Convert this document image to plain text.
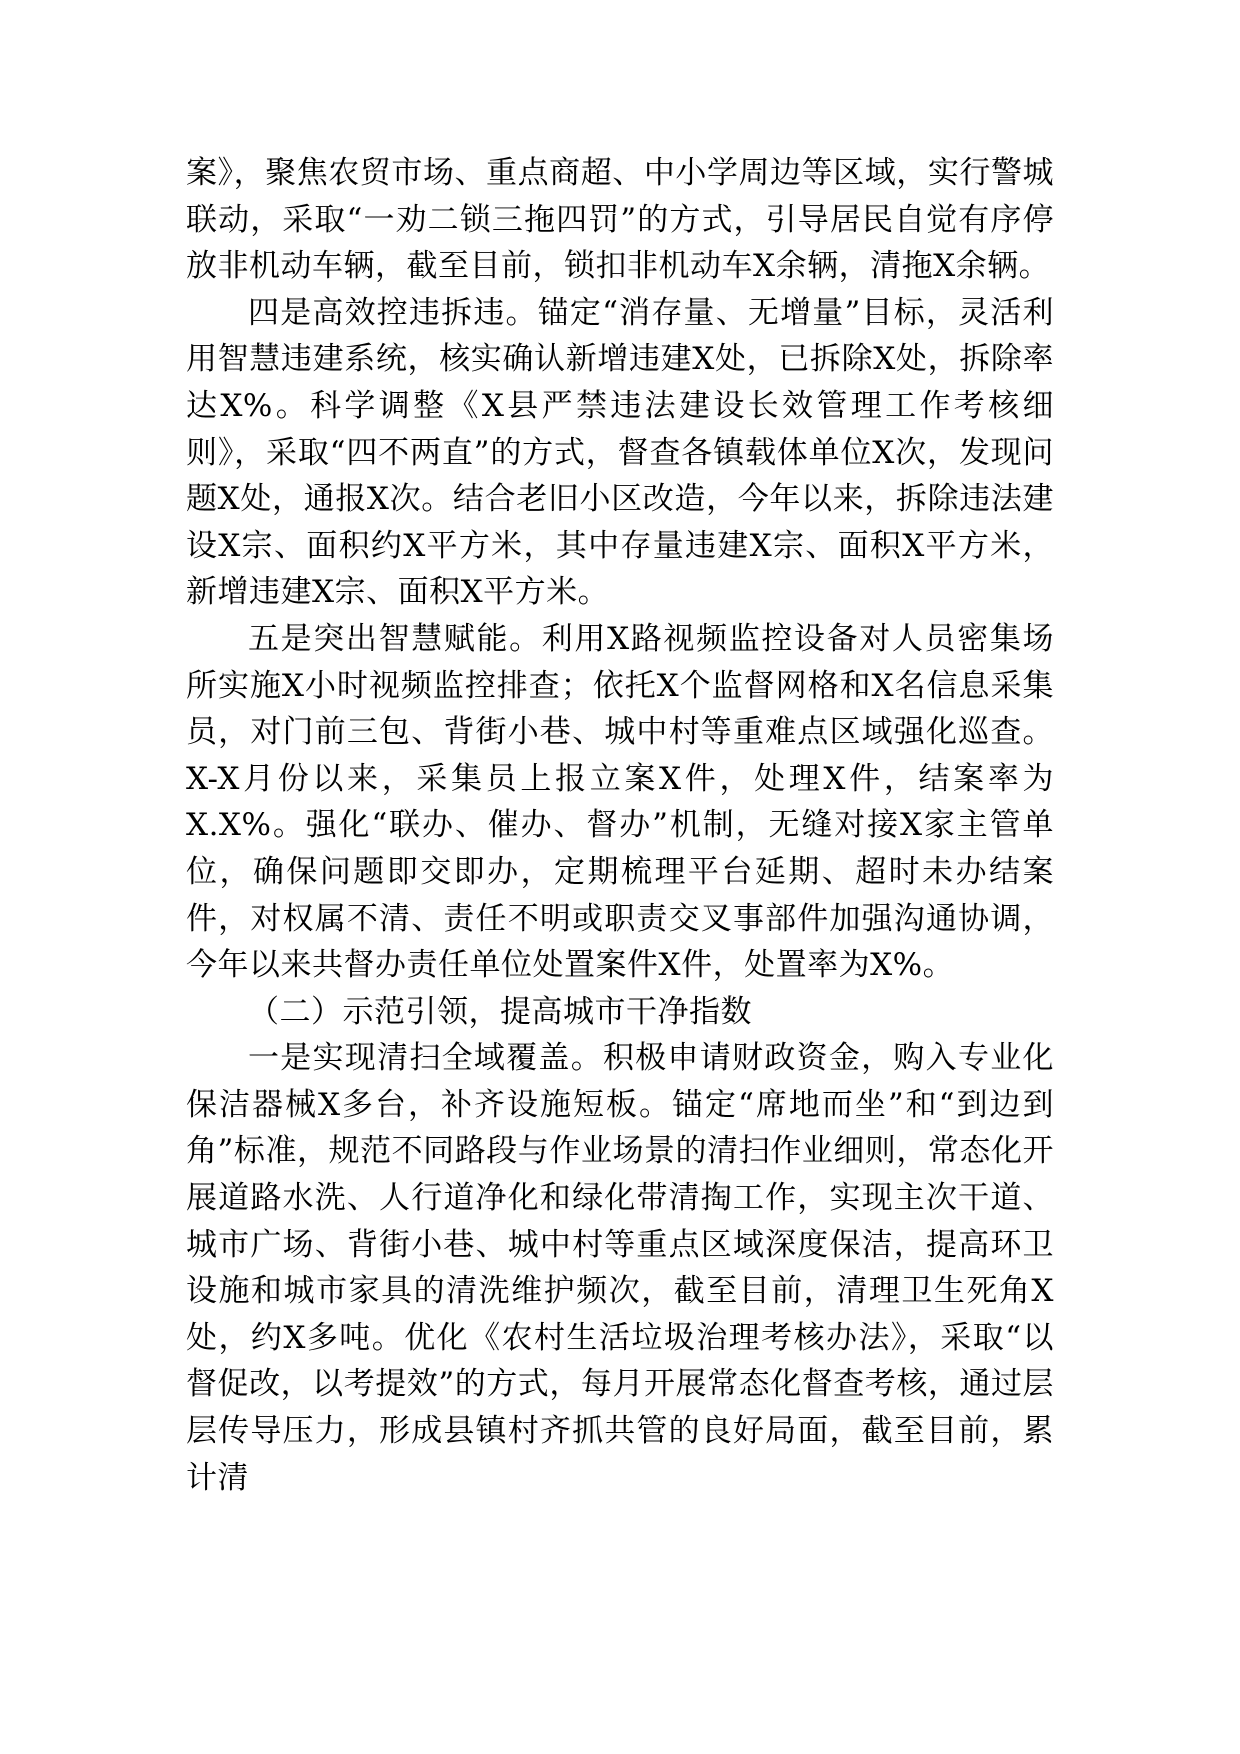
案》，聚焦农贸市场、重点商超、中小学周边等区域，实行警城联动，采取“一劝二锁三拖四罚”的方式，引导居民自觉有序停放非机动车辆，截至目前，锁扣非机动车X余辆，清拖X余辆。

四是高效控违拆违。锚定“消存量、无增量”目标，灵活利用智慧违建系统，核实确认新增违建X处，已拆除X处，拆除率达X%。科学调整《X县严禁违法建设长效管理工作考核细则》，采取“四不两直”的方式，督查各镇载体单位X次，发现问题X处，通报X次。结合老旧小区改造，今年以来，拆除违法建设X宗、面积约X平方米，其中存量违建X宗、面积X平方米，新增违建X宗、面积X平方米。

五是突出智慧赋能。利用X路视频监控设备对人员密集场所实施X小时视频监控排查；依托X个监督网格和X名信息采集员，对门前三包、背街小巷、城中村等重难点区域强化巡查。X-X月份以来，采集员上报立案X件，处理X件，结案率为X.X%。强化“联办、催办、督办”机制，无缝对接X家主管单位，确保问题即交即办，定期梳理平台延期、超时未办结案件，对权属不清、责任不明或职责交叉事部件加强沟通协调，今年以来共督办责任单位处置案件X件，处置率为X%。

（二）示范引领，提高城市干净指数

一是实现清扫全域覆盖。积极申请财政资金，购入专业化保洁器械X多台，补齐设施短板。锚定“席地而坐”和“到边到角”标准，规范不同路段与作业场景的清扫作业细则，常态化开展道路水洗、人行道净化和绿化带清掏工作，实现主次干道、城市广场、背街小巷、城中村等重点区域深度保洁，提高环卫设施和城市家具的清洗维护频次，截至目前，清理卫生死角X处，约X多吨。优化《农村生活垃圾治理考核办法》，采取“以督促改，以考提效”的方式，每月开展常态化督查考核，通过层层传导压力，形成县镇村齐抓共管的良好局面，截至目前，累计清
